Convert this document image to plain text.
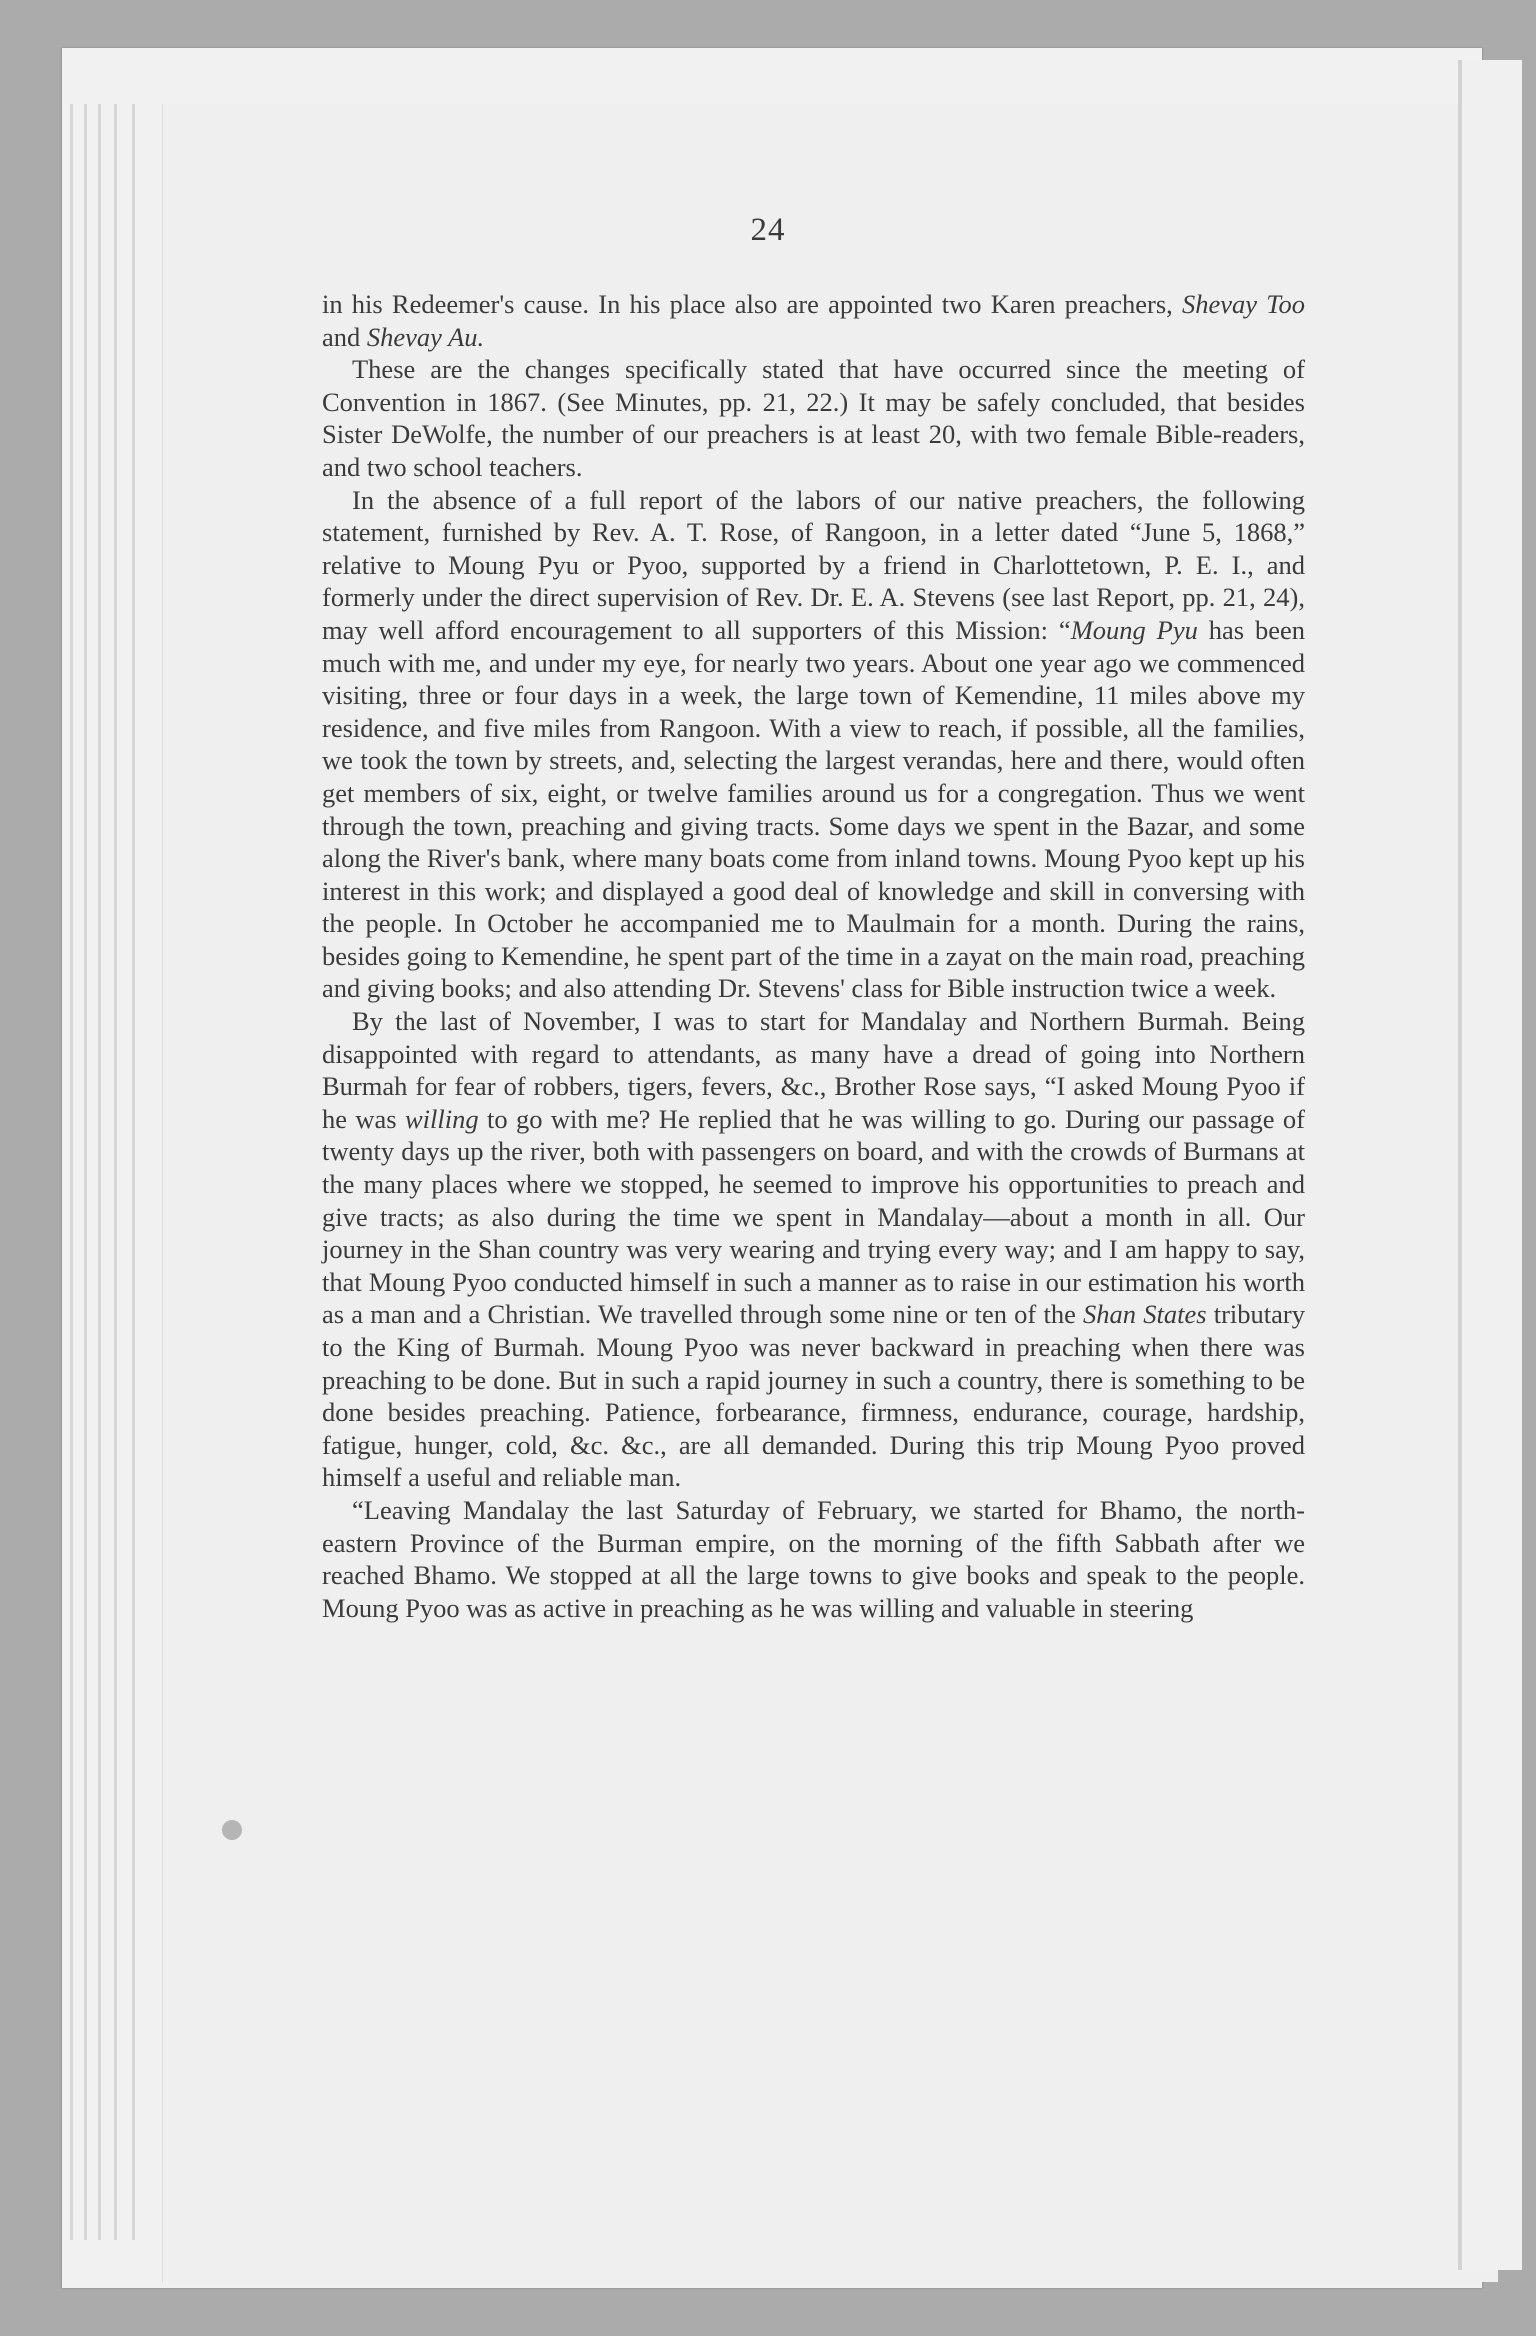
24

in his Redeemer's cause. In his place also are appointed two Karen preachers, Shevay Too and Shevay Au.

These are the changes specifically stated that have occurred since the meeting of Convention in 1867. (See Minutes, pp. 21, 22.) It may be safely concluded, that besides Sister DeWolfe, the number of our preachers is at least 20, with two female Bible-readers, and two school teachers.

In the absence of a full report of the labors of our native preachers, the following statement, furnished by Rev. A. T. Rose, of Rangoon, in a letter dated “June 5, 1868,” relative to Moung Pyu or Pyoo, supported by a friend in Charlottetown, P. E. I., and formerly under the direct supervision of Rev. Dr. E. A. Stevens (see last Report, pp. 21, 24), may well afford encouragement to all supporters of this Mission: “Moung Pyu has been much with me, and under my eye, for nearly two years. About one year ago we commenced visiting, three or four days in a week, the large town of Kemendine, 11 miles above my residence, and five miles from Rangoon. With a view to reach, if possible, all the families, we took the town by streets, and, selecting the largest verandas, here and there, would often get members of six, eight, or twelve families around us for a congregation. Thus we went through the town, preaching and giving tracts. Some days we spent in the Bazar, and some along the River's bank, where many boats come from inland towns. Moung Pyoo kept up his interest in this work; and displayed a good deal of knowledge and skill in conversing with the people. In October he accompanied me to Maulmain for a month. During the rains, besides going to Kemendine, he spent part of the time in a zayat on the main road, preaching and giving books; and also attending Dr. Stevens' class for Bible instruction twice a week.

By the last of November, I was to start for Mandalay and Northern Burmah. Being disappointed with regard to attendants, as many have a dread of going into Northern Burmah for fear of robbers, tigers, fevers, &c., Brother Rose says, “I asked Moung Pyoo if he was willing to go with me? He replied that he was willing to go. During our passage of twenty days up the river, both with passengers on board, and with the crowds of Burmans at the many places where we stopped, he seemed to improve his opportunities to preach and give tracts; as also during the time we spent in Mandalay—about a month in all. Our journey in the Shan country was very wearing and trying every way; and I am happy to say, that Moung Pyoo conducted himself in such a manner as to raise in our estimation his worth as a man and a Christian. We travelled through some nine or ten of the Shan States tributary to the King of Burmah. Moung Pyoo was never backward in preaching when there was preaching to be done. But in such a rapid journey in such a country, there is something to be done besides preaching. Patience, forbearance, firmness, endurance, courage, hardship, fatigue, hunger, cold, &c. &c., are all demanded. During this trip Moung Pyoo proved himself a useful and reliable man.

“Leaving Mandalay the last Saturday of February, we started for Bhamo, the north-eastern Province of the Burman empire, on the morning of the fifth Sabbath after we reached Bhamo. We stopped at all the large towns to give books and speak to the people. Moung Pyoo was as active in preaching as he was willing and valuable in steering
